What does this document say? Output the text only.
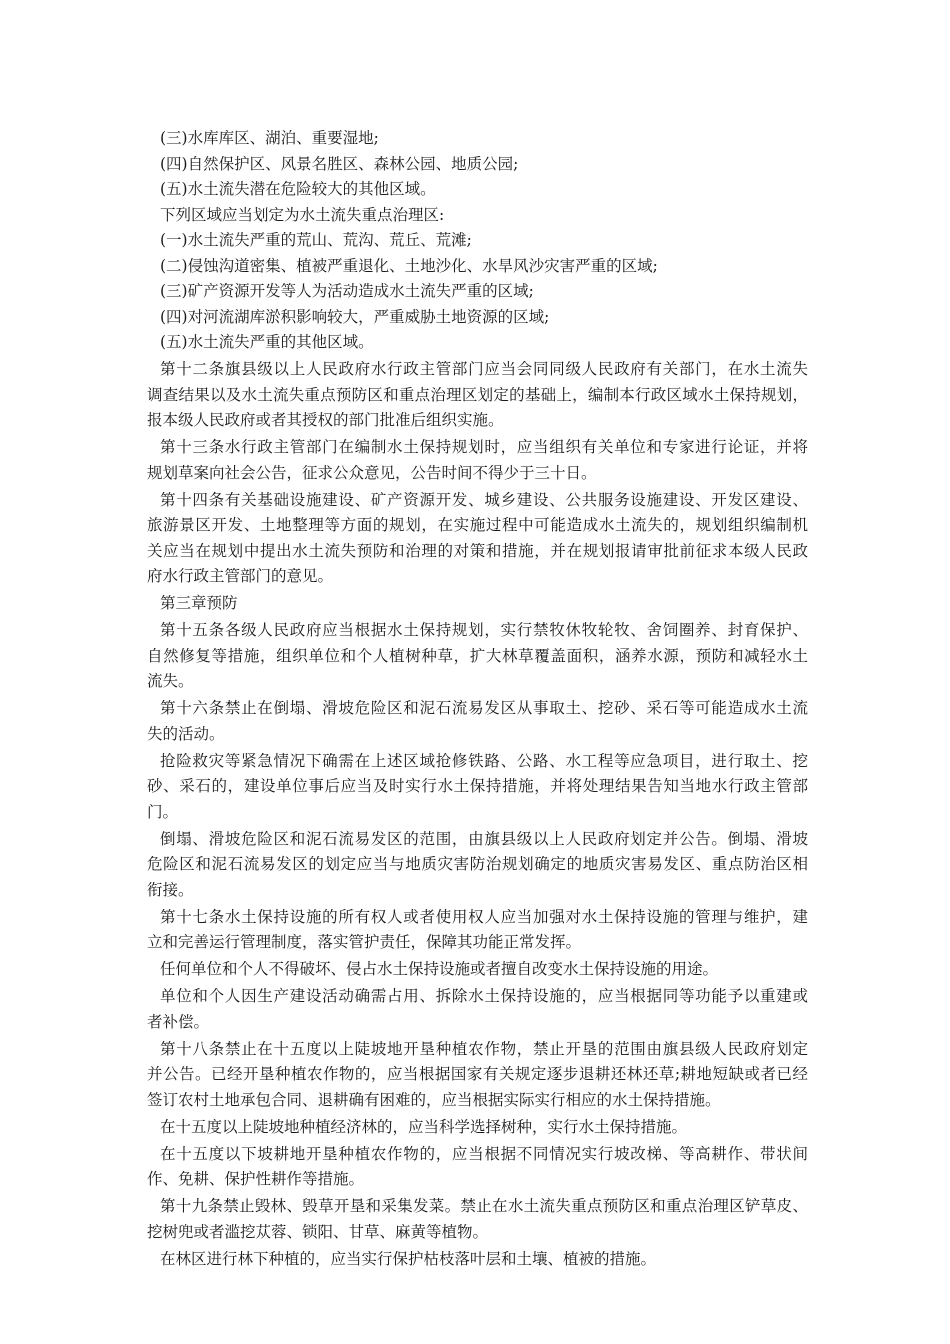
(三)水库库区、湖泊、重要湿地;
(四)自然保护区、风景名胜区、森林公园、地质公园;
(五)水土流失潜在危险较大的其他区域。
下列区域应当划定为水土流失重点治理区:
(一)水土流失严重的荒山、荒沟、荒丘、荒滩;
(二)侵蚀沟道密集、植被严重退化、土地沙化、水旱风沙灾害严重的区域;
(三)矿产资源开发等人为活动造成水土流失严重的区域;
(四)对河流湖库淤积影响较大，严重威胁土地资源的区域;
(五)水土流失严重的其他区域。
第十二条旗县级以上人民政府水行政主管部门应当会同同级人民政府有关部门，在水土流失
调查结果以及水土流失重点预防区和重点治理区划定的基础上，编制本行政区域水土保持规划，
报本级人民政府或者其授权的部门批准后组织实施。
第十三条水行政主管部门在编制水土保持规划时，应当组织有关单位和专家进行论证，并将
规划草案向社会公告，征求公众意见，公告时间不得少于三十日。
第十四条有关基础设施建设、矿产资源开发、城乡建设、公共服务设施建设、开发区建设、
旅游景区开发、土地整理等方面的规划，在实施过程中可能造成水土流失的，规划组织编制机
关应当在规划中提出水土流失预防和治理的对策和措施，并在规划报请审批前征求本级人民政
府水行政主管部门的意见。
第三章预防
第十五条各级人民政府应当根据水土保持规划，实行禁牧休牧轮牧、舍饲圈养、封育保护、
自然修复等措施，组织单位和个人植树种草，扩大林草覆盖面积，涵养水源，预防和减轻水土
流失。
第十六条禁止在倒塌、滑坡危险区和泥石流易发区从事取土、挖砂、采石等可能造成水土流
失的活动。
抢险救灾等紧急情况下确需在上述区域抢修铁路、公路、水工程等应急项目，进行取土、挖
砂、采石的，建设单位事后应当及时实行水土保持措施，并将处理结果告知当地水行政主管部
门。
倒塌、滑坡危险区和泥石流易发区的范围，由旗县级以上人民政府划定并公告。倒塌、滑坡
危险区和泥石流易发区的划定应当与地质灾害防治规划确定的地质灾害易发区、重点防治区相
衔接。
第十七条水土保持设施的所有权人或者使用权人应当加强对水土保持设施的管理与维护，建
立和完善运行管理制度，落实管护责任，保障其功能正常发挥。
任何单位和个人不得破坏、侵占水土保持设施或者擅自改变水土保持设施的用途。
单位和个人因生产建设活动确需占用、拆除水土保持设施的，应当根据同等功能予以重建或
者补偿。
第十八条禁止在十五度以上陡坡地开垦种植农作物，禁止开垦的范围由旗县级人民政府划定
并公告。已经开垦种植农作物的，应当根据国家有关规定逐步退耕还林还草;耕地短缺或者已经
签订农村土地承包合同、退耕确有困难的，应当根据实际实行相应的水土保持措施。
在十五度以上陡坡地种植经济林的，应当科学选择树种，实行水土保持措施。
在十五度以下坡耕地开垦种植农作物的，应当根据不同情况实行坡改梯、等高耕作、带状间
作、免耕、保护性耕作等措施。
第十九条禁止毁林、毁草开垦和采集发菜。禁止在水土流失重点预防区和重点治理区铲草皮、
挖树兜或者滥挖苁蓉、锁阳、甘草、麻黄等植物。
在林区进行林下种植的，应当实行保护枯枝落叶层和土壤、植被的措施。
